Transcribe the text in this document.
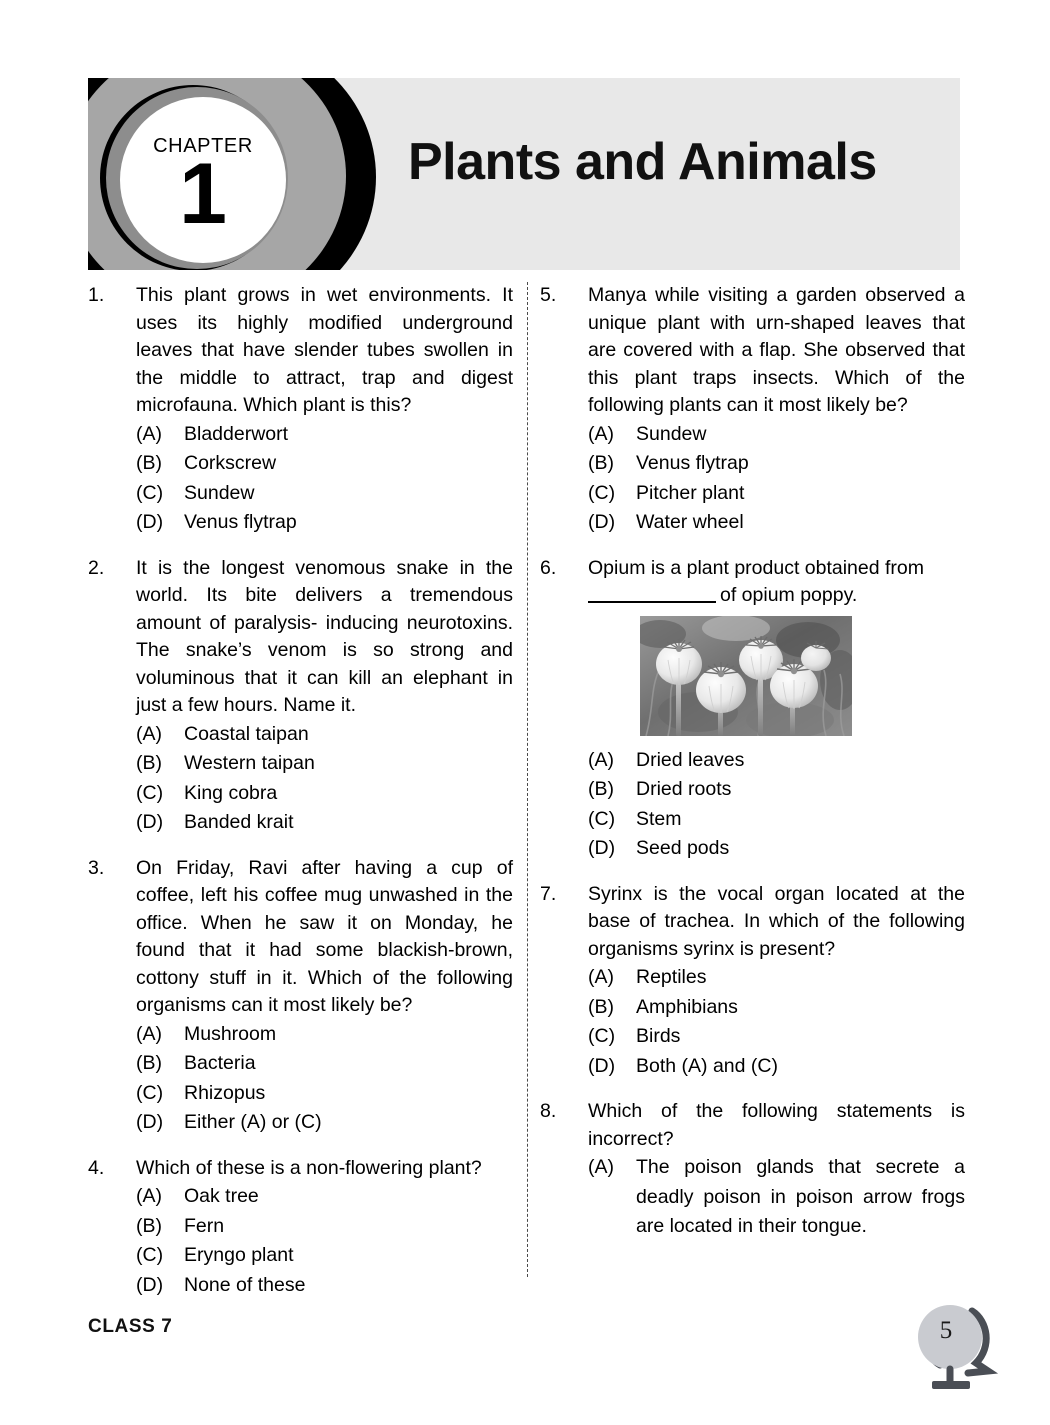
CHAPTER
1	Plants and Animals
1.	This plant grows in wet environments. It uses its highly modified underground leaves that have slender tubes swollen in the middle to attract, trap and digest microfauna. Which plant is this?

(A)	Bladderwort
(B)	Corkscrew
(C)	Sundew
(D)	Venus flytrap
2.	It is the longest venomous snake in the world. Its bite delivers a tremendous amount of paralysis- inducing neurotoxins. The snake’s venom is so strong and voluminous that it can kill an elephant in just a few hours. Name it.

(A)	Coastal taipan
(B)	Western taipan
(C)	King cobra
(D)	Banded krait
3.	On Friday, Ravi after having a cup of coffee, left his coffee mug unwashed in the office. When he saw it on Monday, he found that it had some blackish-brown, cottony stuff in it. Which of the following organisms can it most likely be?

(A)	Mushroom
(B)	Bacteria
(C)	Rhizopus
(D)	Either (A) or (C)
4.	Which of these is a non-flowering plant?

(A)	Oak tree
(B)	Fern
(C)	Eryngo plant
(D)	None of these
5.	Manya while visiting a garden observed a unique plant with urn-shaped leaves that are covered with a flap. She observed that this plant traps insects. Which of the following plants can it most likely be?

(A)	Sundew
(B)	Venus flytrap
(C)	Pitcher plant
(D)	Water wheel
6.	Opium is a plant product obtained from of opium poppy.

(A)	Dried leaves
(B)	Dried roots
(C)	Stem
(D)	Seed pods
7.	Syrinx is the vocal organ located at the base of trachea. In which of the following organisms syrinx is present?

(A)	Reptiles
(B)	Amphibians
(C)	Birds
(D)	Both (A) and (C)
8.	Which of the following statements is incorrect?

(A)	The poison glands that secrete a deadly poison in poison arrow frogs are located in their tongue.
CLASS 7	5
